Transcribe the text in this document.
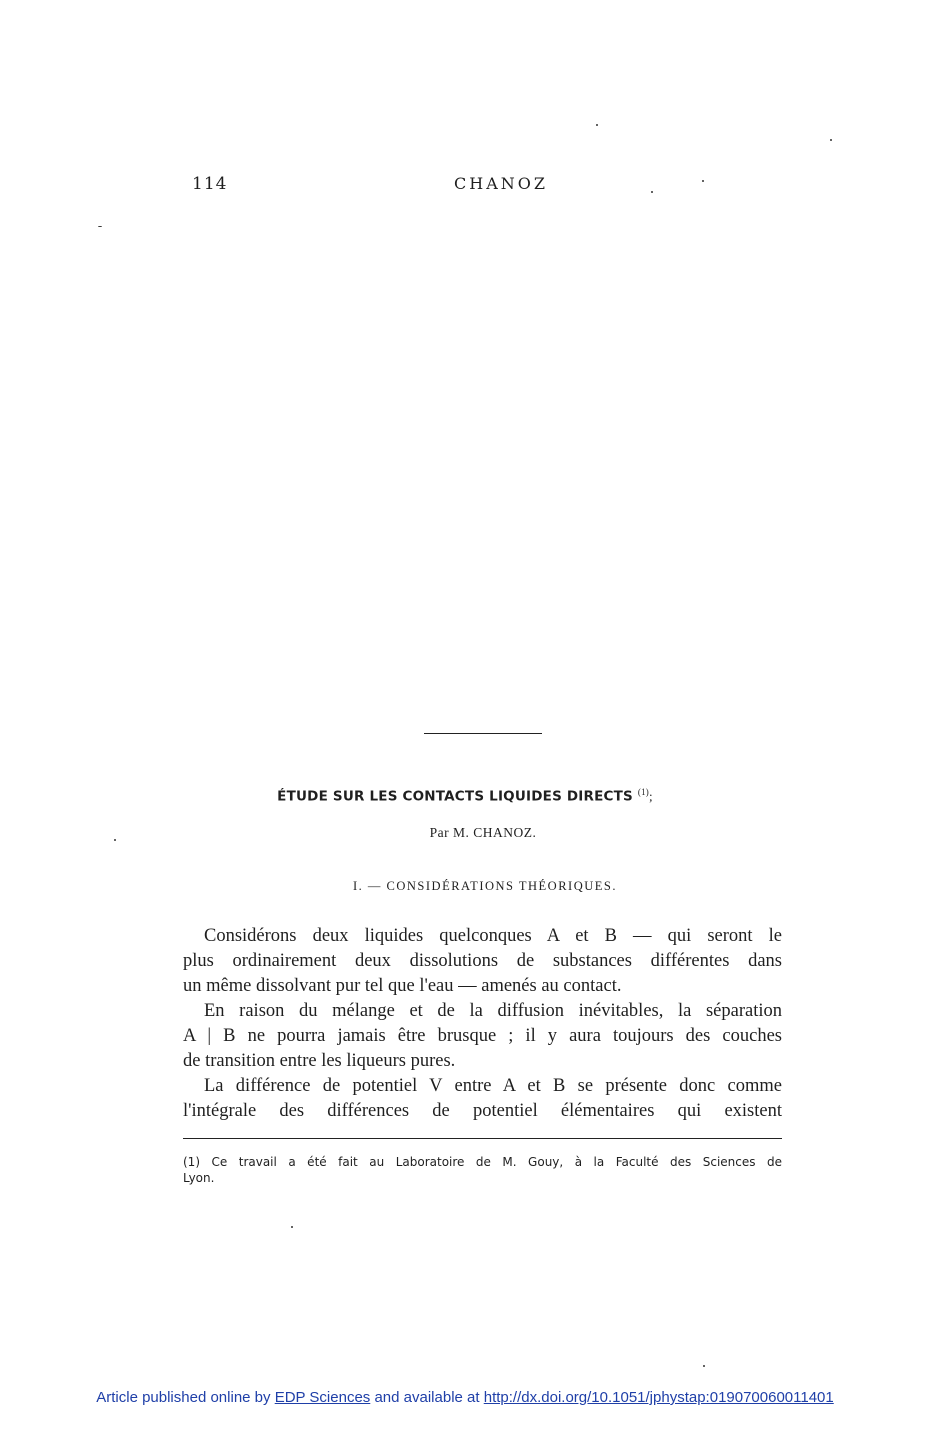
114	CHANOZ
ÉTUDE SUR LES CONTACTS LIQUIDES DIRECTS $^{(1)}$;
Par M. CHANOZ.
I. — CONSIDÉRATIONS THÉORIQUES.
Considérons deux liquides quelconques A et B — qui seront le
plus ordinairement deux dissolutions de substances différentes dans
un même dissolvant pur tel que l'eau — amenés au contact.
En raison du mélange et de la diffusion inévitables, la séparation
A | B ne pourra jamais être brusque ; il y aura toujours des couches
de transition entre les liqueurs pures.
La différence de potentiel V entre A et B se présente donc comme
l'intégrale des différences de potentiel élémentaires qui existent
(1) Ce travail a été fait au Laboratoire de M. Gouy, à la Faculté des Sciences de
Lyon.
Article published online by EDP Sciences and available at http://dx.doi.org/10.1051/jphystap:019070060011401
